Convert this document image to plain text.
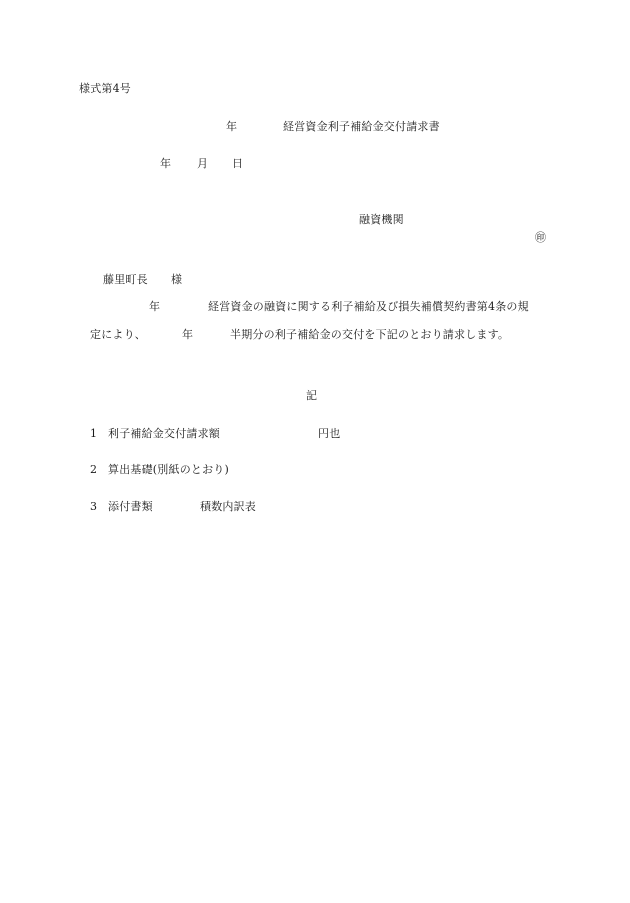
様式第4号
年	経営資金利子補給金交付請求書
年 月 日
融資機関
㊞
藤里町長 様
年	経営資金の融資に関する利子補給及び損失補償契約書第4条の規
定により、	年	半期分の利子補給金の交付を下記のとおり請求します。
記
1 利子補給金交付請求額	円也
2 算出基礎(別紙のとおり)
3 添付書類	積数内訳表
